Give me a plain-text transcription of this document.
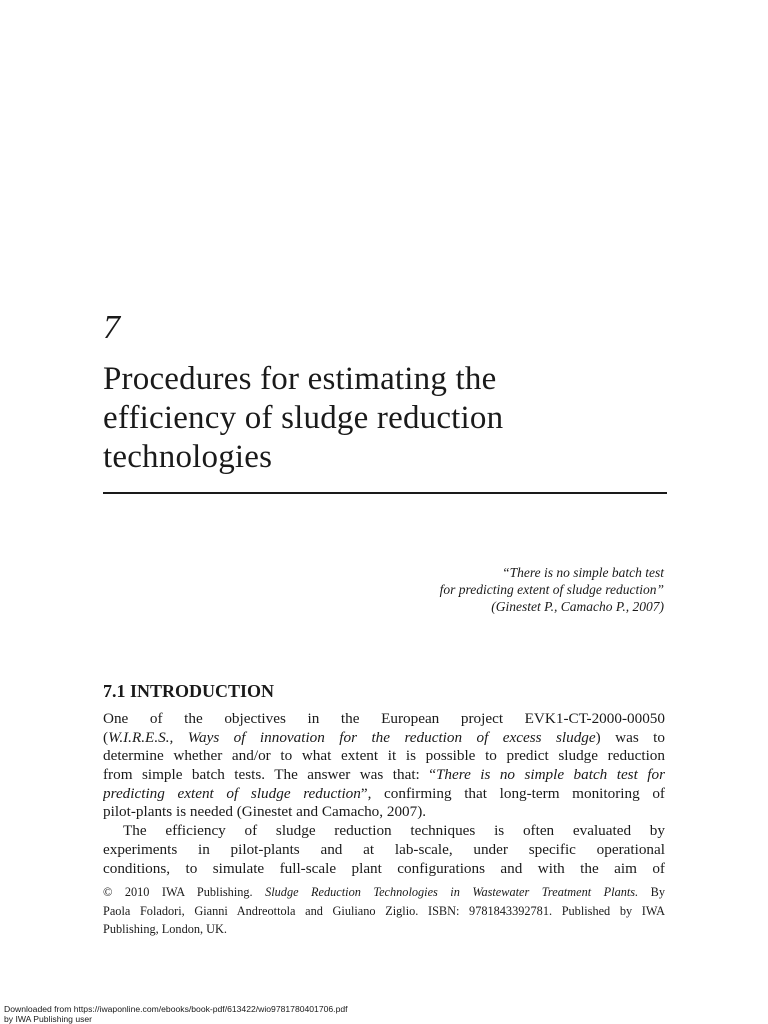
7
Procedures for estimating the
efficiency of sludge reduction
technologies
“There is no simple batch test
for predicting extent of sludge reduction”
(Ginestet P., Camacho P., 2007)
7.1 INTRODUCTION
One of the objectives in the European project EVK1-CT-2000-00050
(W.I.R.E.S., Ways of innovation for the reduction of excess sludge) was to
determine whether and/or to what extent it is possible to predict sludge reduction
from simple batch tests. The answer was that: “There is no simple batch test for
predicting extent of sludge reduction”, confirming that long-term monitoring of
pilot-plants is needed (Ginestet and Camacho, 2007).
The efficiency of sludge reduction techniques is often evaluated by
experiments in pilot-plants and at lab-scale, under specific operational
conditions, to simulate full-scale plant configurations and with the aim of
© 2010 IWA Publishing. Sludge Reduction Technologies in Wastewater Treatment Plants. By
Paola Foladori, Gianni Andreottola and Giuliano Ziglio. ISBN: 9781843392781. Published by IWA
Publishing, London, UK.
Downloaded from https://iwaponline.com/ebooks/book-pdf/613422/wio9781780401706.pdf
by IWA Publishing user
